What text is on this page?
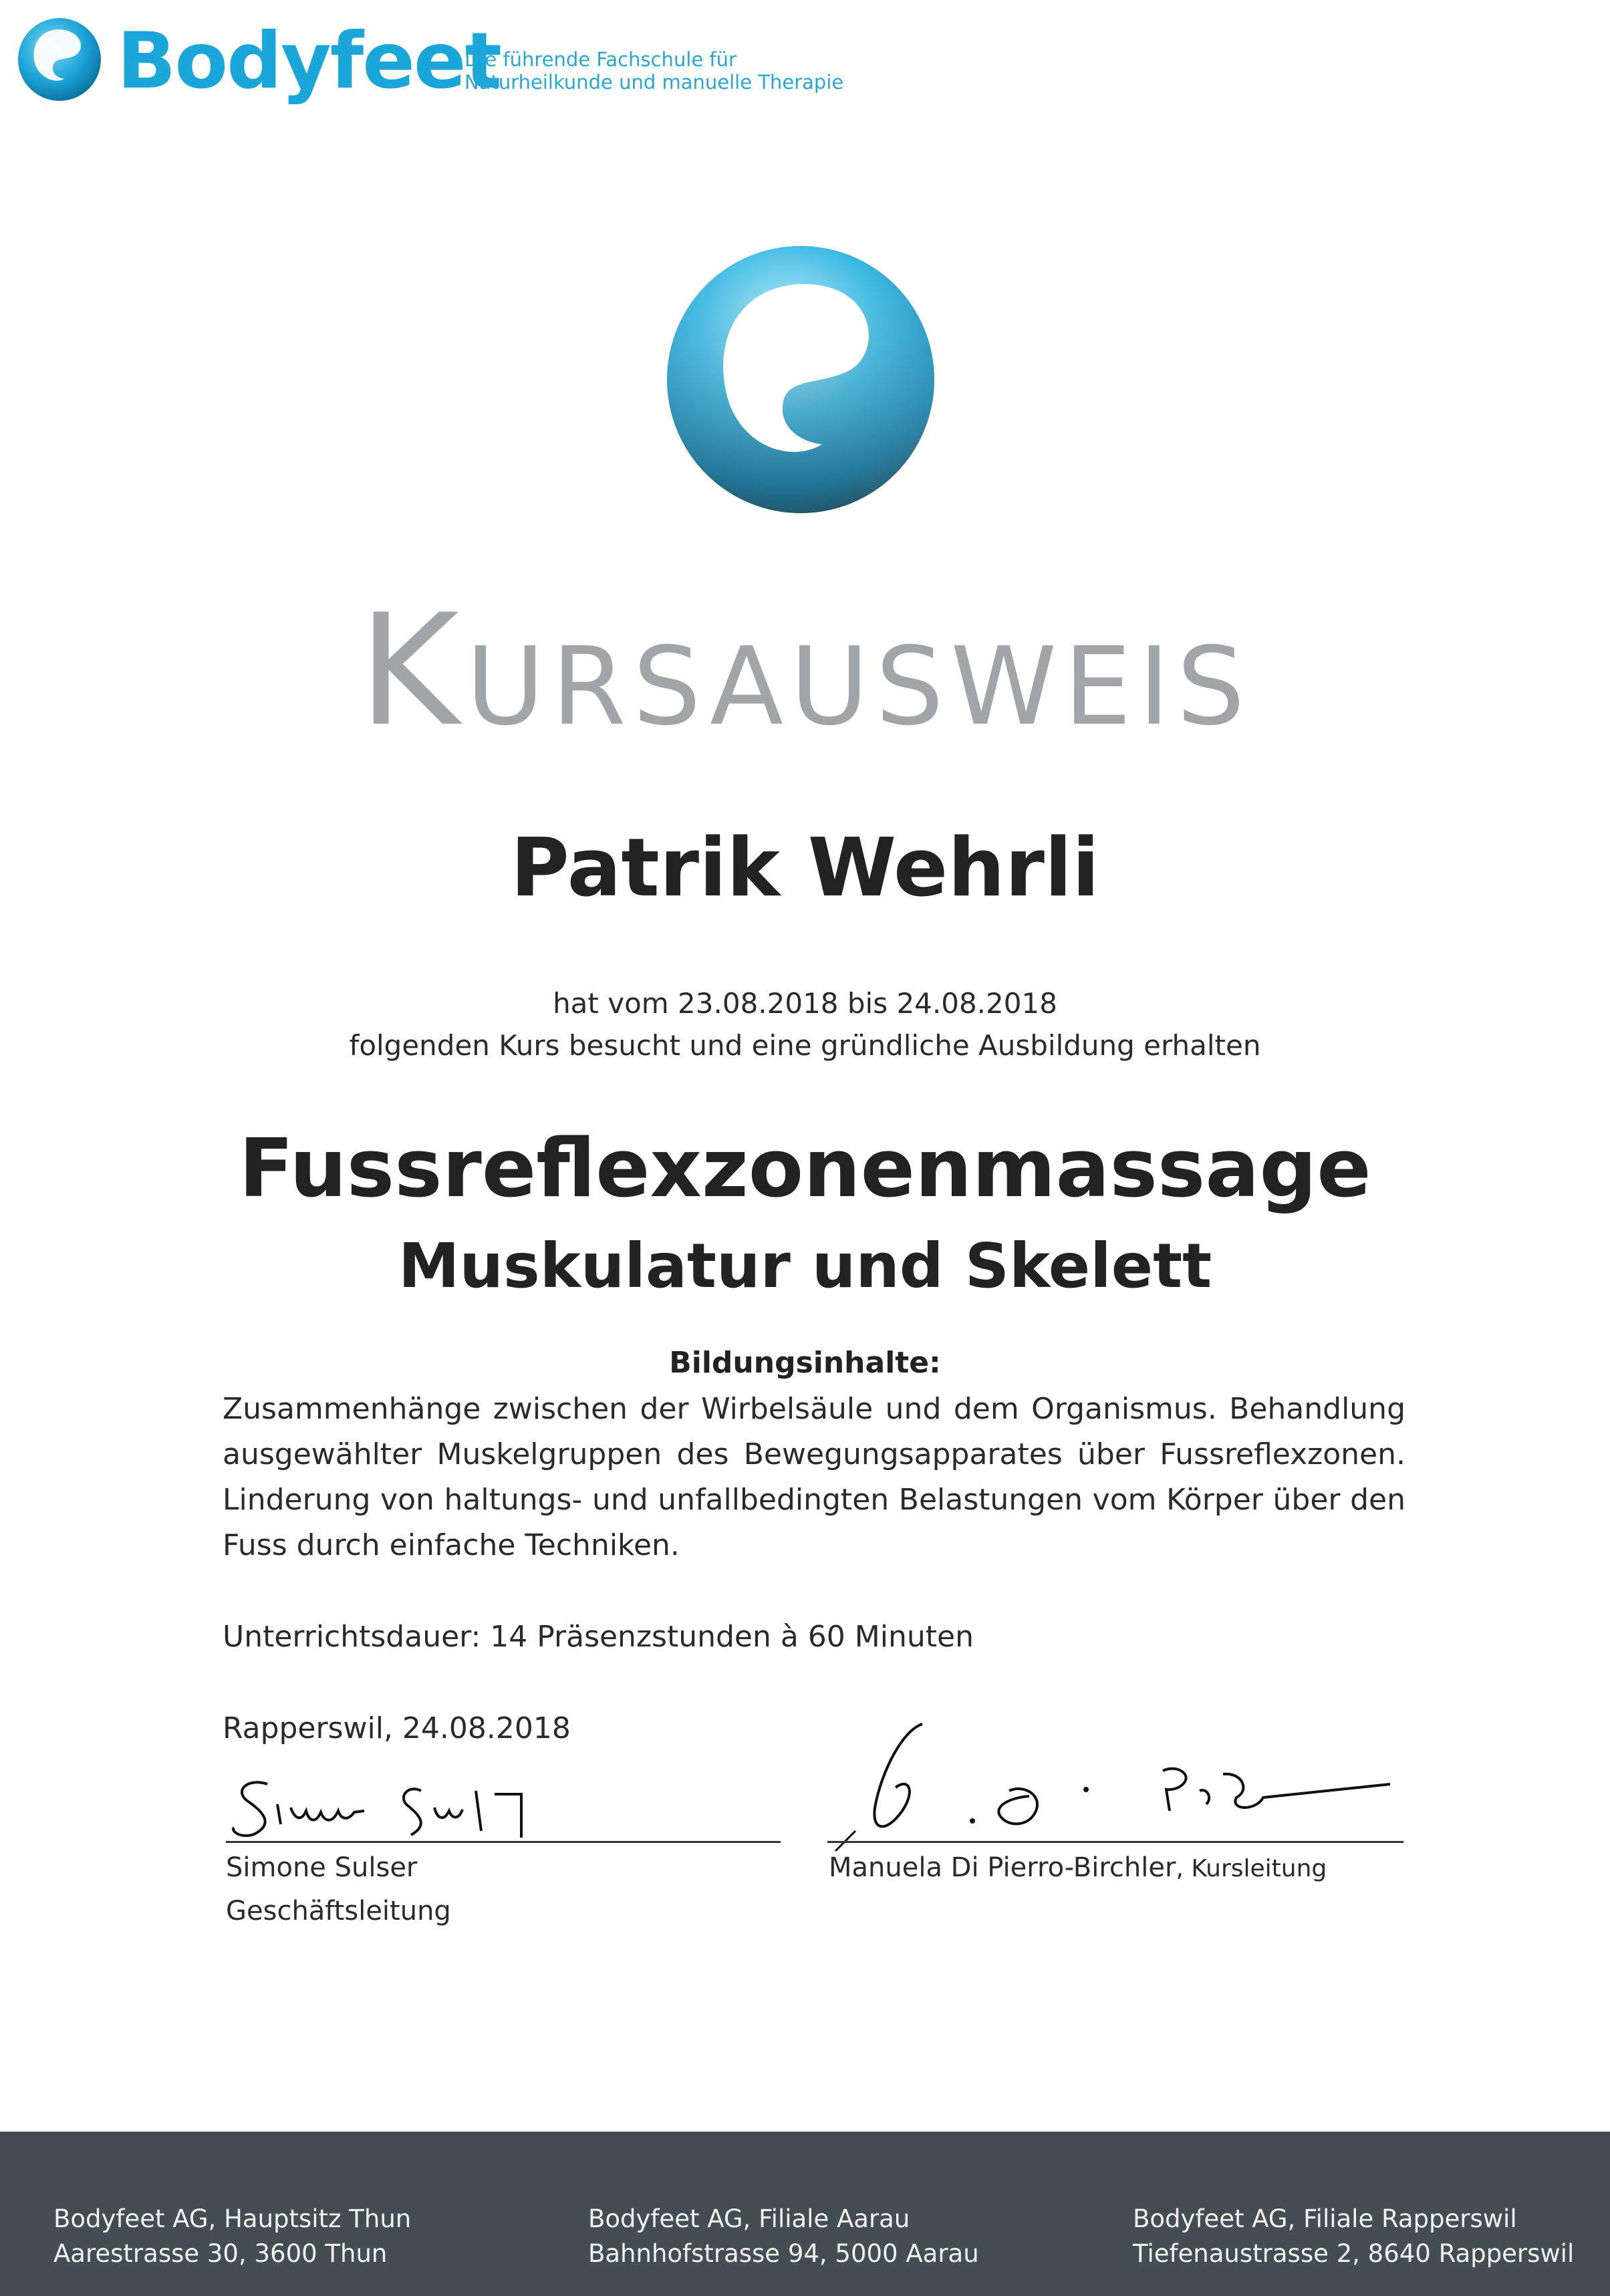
Bodyfeet
Die führende Fachschule für
Naturheilkunde und manuelle Therapie
Kursausweis
Patrik Wehrli
hat vom 23.08.2018 bis 24.08.2018
folgenden Kurs besucht und eine gründliche Ausbildung erhalten
Fussreflexzonenmassage
Muskulatur und Skelett
Bildungsinhalte:
Zusammenhänge zwischen der Wirbelsäule und dem Organismus. Behandlung ausgewählter Muskelgruppen des Bewegungsapparates über Fussreflexzonen. Linderung von haltungs- und unfallbedingten Belastungen vom Körper über den Fuss durch einfache Techniken.
Unterrichtsdauer: 14 Präsenzstunden à 60 Minuten
Rapperswil, 24.08.2018
Simone Sulser
Geschäftsleitung
Manuela Di Pierro-Birchler, Kursleitung
Bodyfeet AG, Hauptsitz Thun
Aarestrasse 30, 3600 Thun
Bodyfeet AG, Filiale Aarau
Bahnhofstrasse 94, 5000 Aarau
Bodyfeet AG, Filiale Rapperswil
Tiefenaustrasse 2, 8640 Rapperswil
